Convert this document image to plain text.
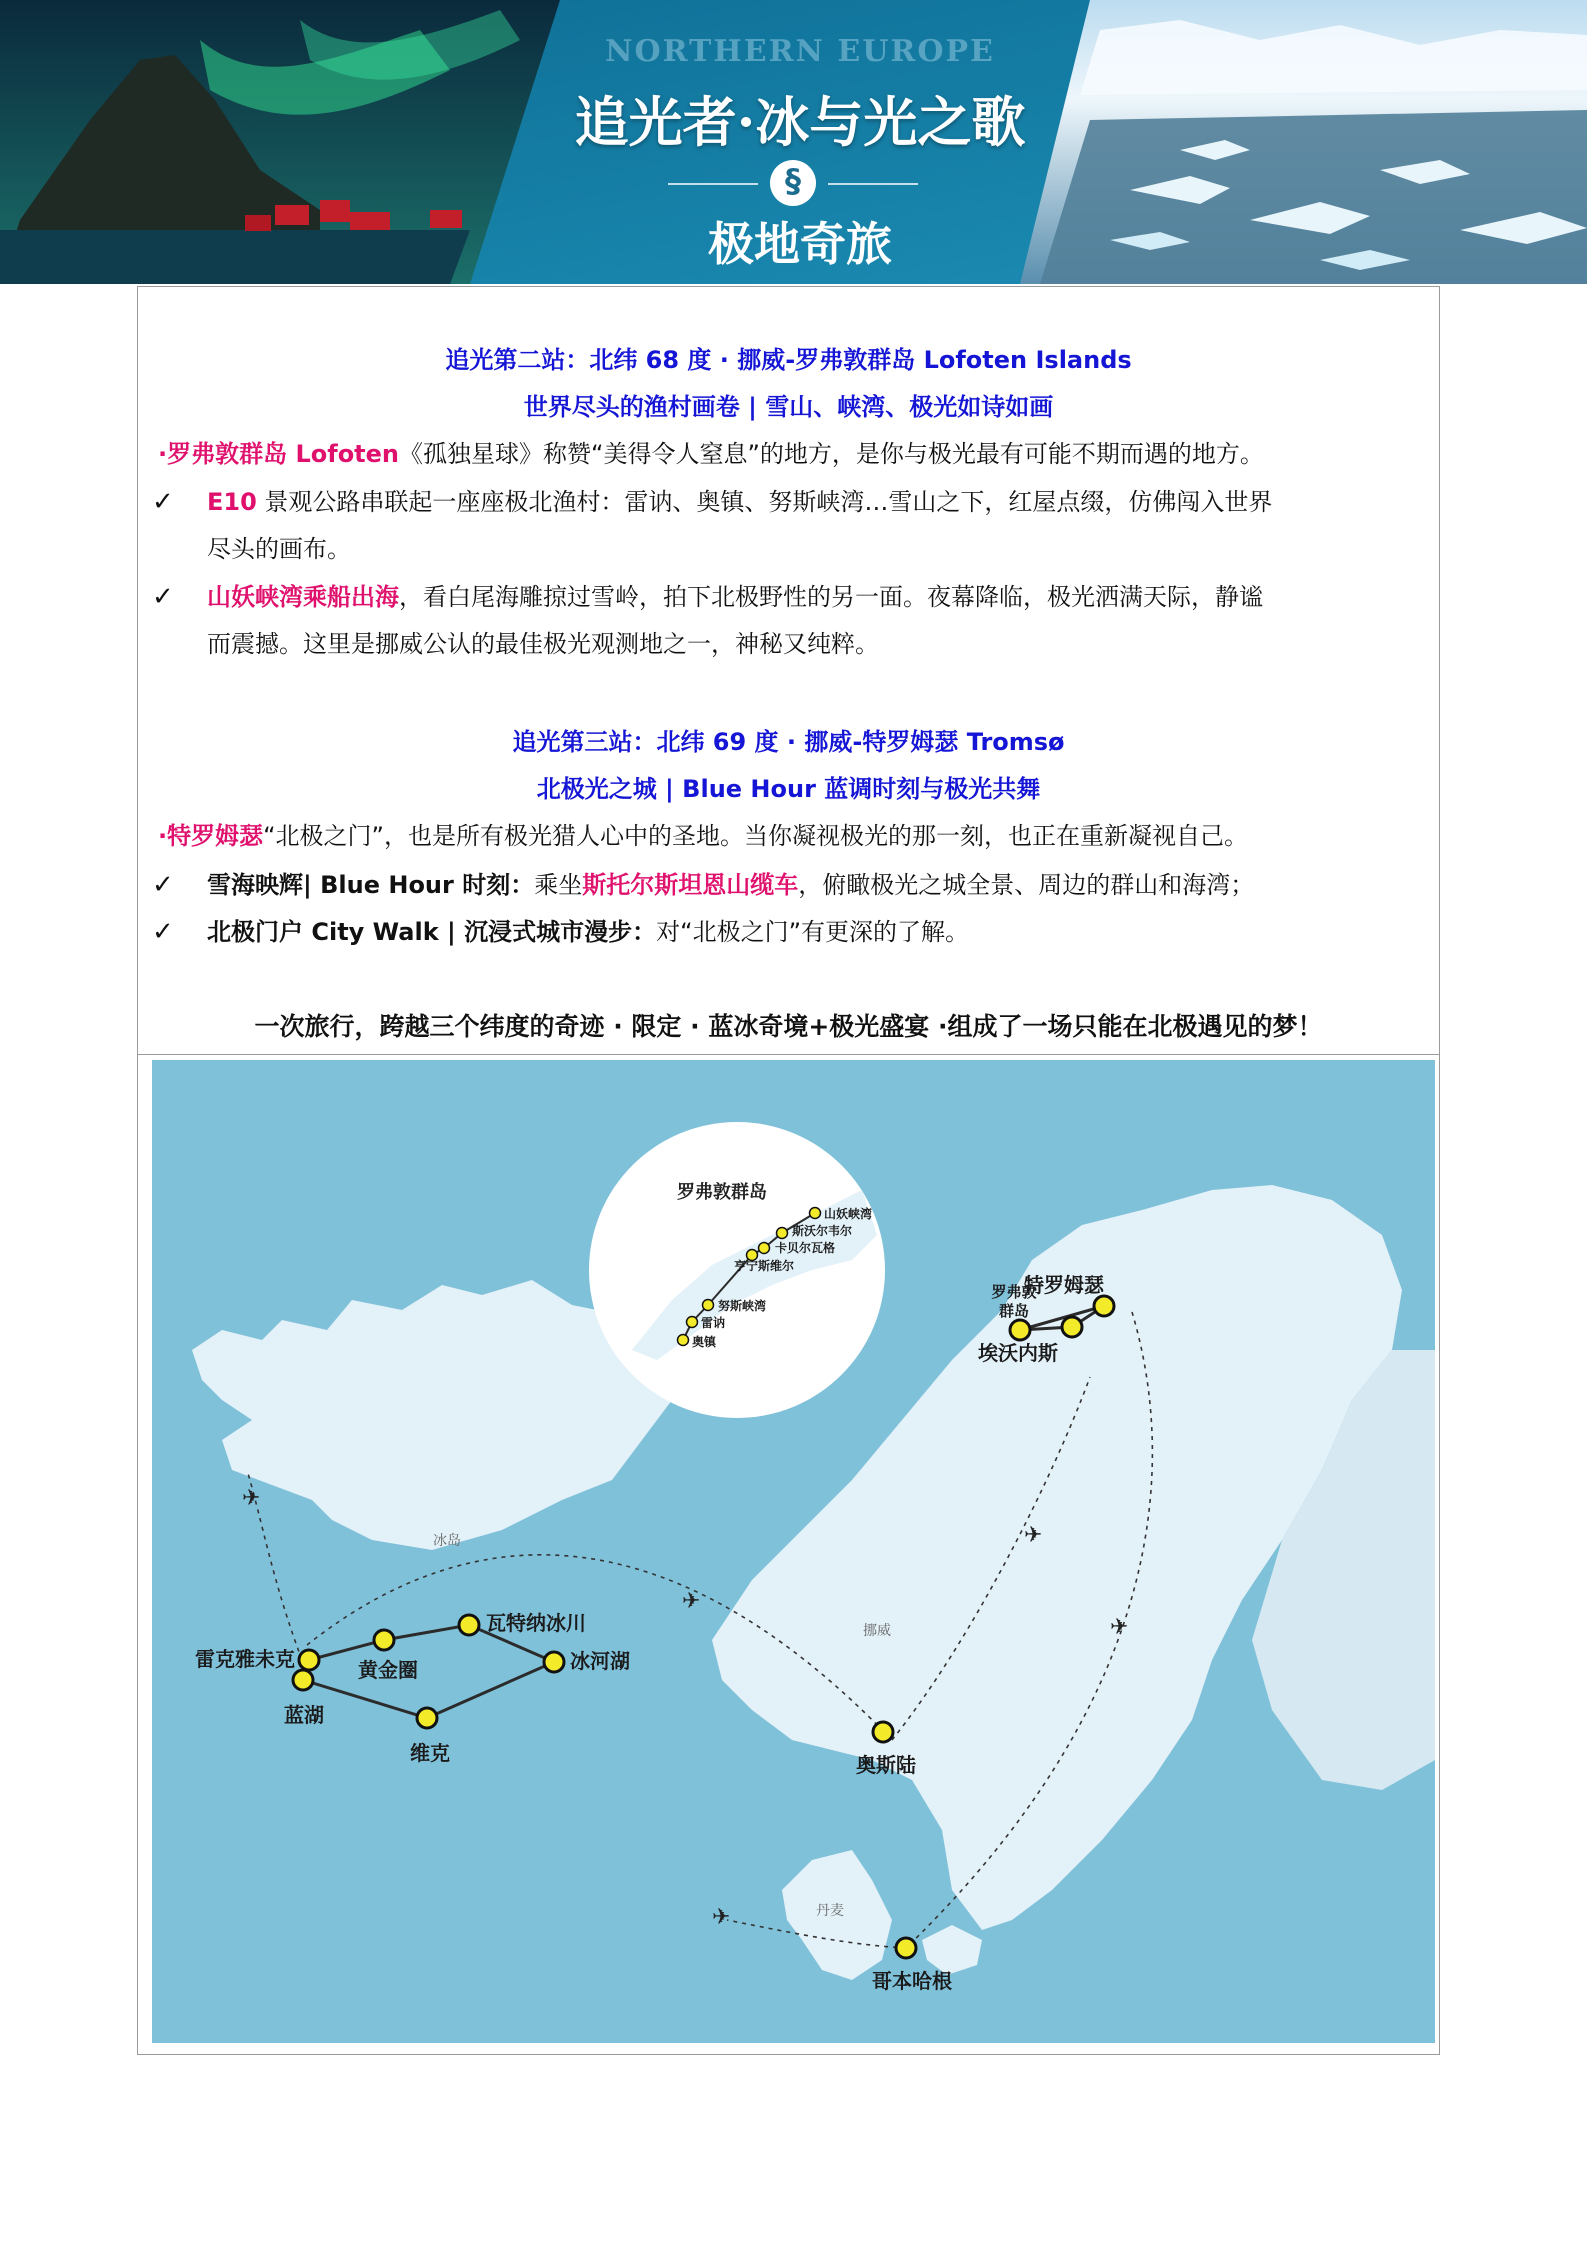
NORTHERN EUROPE
追光者·冰与光之歌
§
极地奇旅
追光第二站：北纬 68 度 · 挪威-罗弗敦群岛 Lofoten Islands
世界尽头的渔村画卷 | 雪山、峡湾、极光如诗如画
·罗弗敦群岛 Lofoten《孤独星球》称赞“美得令人窒息”的地方，是你与极光最有可能不期而遇的地方。
✓ E10 景观公路串联起一座座极北渔村：雷讷、奥镇、努斯峡湾…雪山之下，红屋点缀，仿佛闯入世界
尽头的画布。
✓ 山妖峡湾乘船出海，看白尾海雕掠过雪岭，拍下北极野性的另一面。夜幕降临，极光洒满天际，静谧
而震撼。这里是挪威公认的最佳极光观测地之一，神秘又纯粹。
追光第三站：北纬 69 度 · 挪威-特罗姆瑟 Tromsø
北极光之城 | Blue Hour 蓝调时刻与极光共舞
·特罗姆瑟“北极之门”，也是所有极光猎人心中的圣地。当你凝视极光的那一刻，也正在重新凝视自己。
✓ 雪海映辉| Blue Hour 时刻：乘坐斯托尔斯坦恩山缆车，俯瞰极光之城全景、周边的群山和海湾；
✓ 北极门户 City Walk | 沉浸式城市漫步：对“北极之门”有更深的了解。
一次旅行，跨越三个纬度的奇迹 · 限定 · 蓝冰奇境+极光盛宴 ·组成了一场只能在北极遇见的梦！
✈
✈
✈
✈
✈
冰岛
挪威
丹麦
罗弗敦群岛
山妖峡湾
斯沃尔韦尔
卡贝尔瓦格
亨宁斯维尔
努斯峡湾
雷讷
奥镇
雷克雅未克
蓝湖
黄金圈
瓦特纳冰川
冰河湖
维克	奥斯陆
哥本哈根
特罗姆瑟
埃沃内斯
罗弗敦
群岛
